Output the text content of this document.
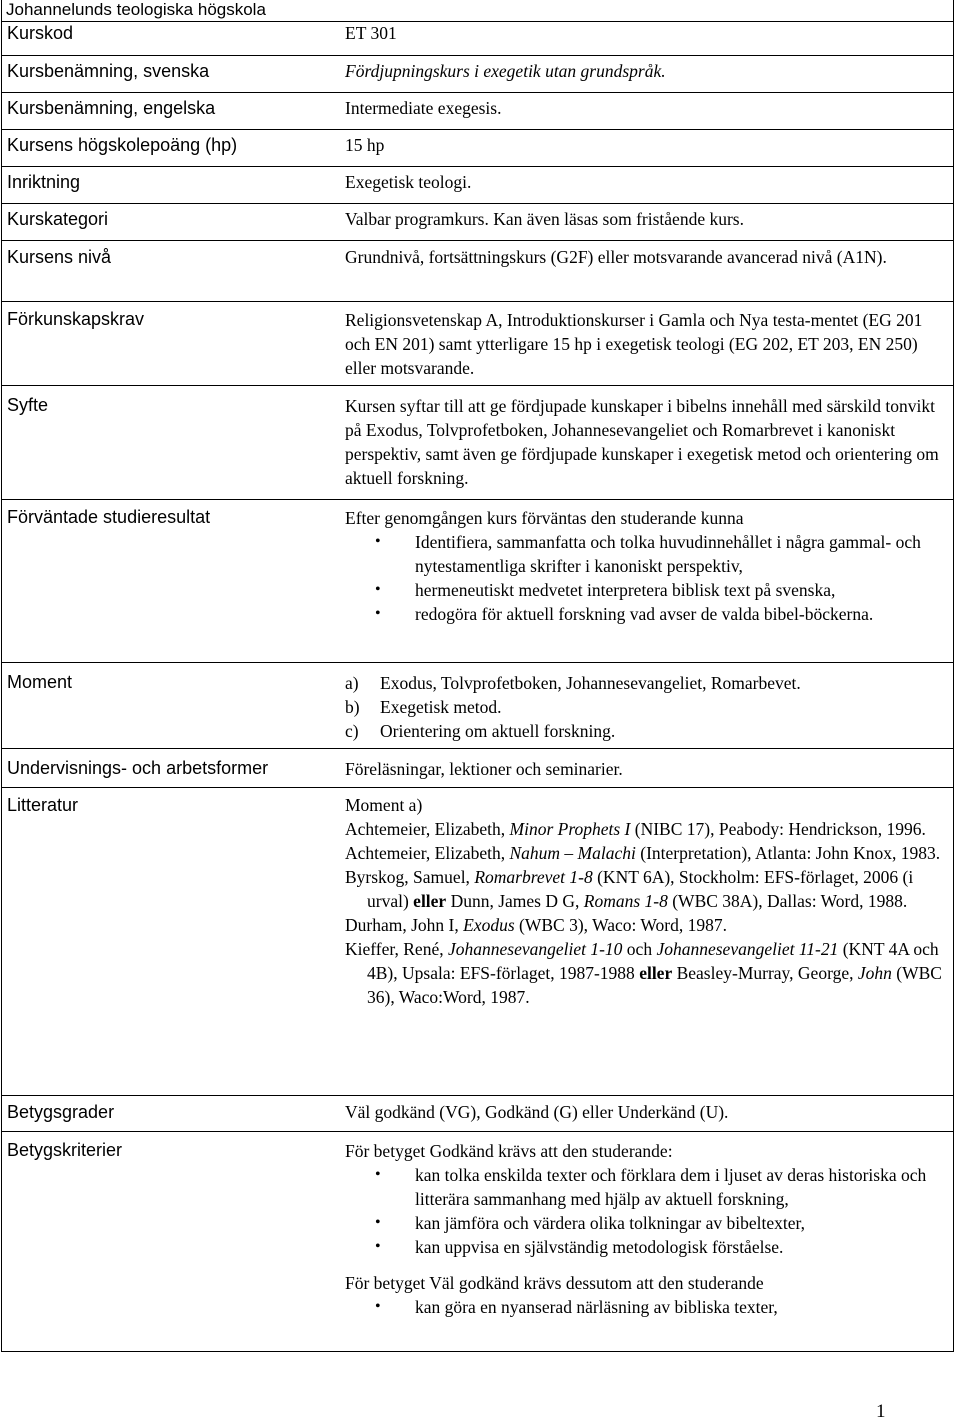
Johannelunds teologiska högskola
Kurskod	ET 301
Kursbenämning, svenska	Fördjupningskurs i exegetik utan grundspråk.
Kursbenämning, engelska	Intermediate exegesis.
Kursens högskolepoäng (hp)	15 hp
Inriktning	Exegetisk teologi.
Kurskategori	Valbar programkurs. Kan även läsas som fristående kurs.
Kursens nivå	Grundnivå, fortsättningskurs (G2F) eller motsvarande avancerad nivå (A1N).
Förkunskapskrav	Religionsvetenskap A, Introduktionskurser i Gamla och Nya testa-mentet (EG 201 och EN 201) samt ytterligare 15 hp i exegetisk teologi (EG 202, ET 203, EN 250) eller motsvarande.
Syfte	Kursen syftar till att ge fördjupade kunskaper i bibelns innehåll med särskild tonvikt på Exodus, Tolvprofetboken, Johannesevangeliet och Romarbrevet i kanoniskt perspektiv, samt även ge fördjupade kunskaper i exegetisk metod och orientering om aktuell forskning.
Förväntade studieresultat	Efter genomgången kurs förväntas den studerande kunna
• Identifiera, sammanfatta och tolka huvudinnehållet i några gammal- och nytestamentliga skrifter i kanoniskt perspektiv,
• hermeneutiskt medvetet interpretera biblisk text på svenska,
• redogöra för aktuell forskning vad avser de valda bibel-böckerna.
Moment	a)	Exodus, Tolvprofetboken, Johannesevangeliet, Romarbevet.
b)	Exegetisk metod.
c)	Orientering om aktuell forskning.
Undervisnings- och arbetsformer	Föreläsningar, lektioner och seminarier.
Litteratur	Moment a)
Achtemeier, Elizabeth, Minor Prophets I (NIBC 17), Peabody: Hendrickson, 1996.
Achtemeier, Elizabeth, Nahum – Malachi (Interpretation), Atlanta: John Knox, 1983.
Byrskog, Samuel, Romarbrevet 1-8 (KNT 6A), Stockholm: EFS-förlaget, 2006 (i urval) eller Dunn, James D G, Romans 1-8 (WBC 38A), Dallas: Word, 1988.
Durham, John I, Exodus (WBC 3), Waco: Word, 1987.
Kieffer, René, Johannesevangeliet 1-10 och Johannesevangeliet 11-21 (KNT 4A och 4B), Upsala: EFS-förlaget, 1987-1988 eller Beasley-Murray, George, John (WBC 36), Waco:Word, 1987.
Betygsgrader	Väl godkänd (VG), Godkänd (G) eller Underkänd (U).
Betygskriterier	För betyget Godkänd krävs att den studerande:
• kan tolka enskilda texter och förklara dem i ljuset av deras historiska och litterära sammanhang med hjälp av aktuell forskning,
• kan jämföra och värdera olika tolkningar av bibeltexter,
• kan uppvisa en självständig metodologisk förståelse.
För betyget Väl godkänd krävs dessutom att den studerande
• kan göra en nyanserad närläsning av bibliska texter,
1
